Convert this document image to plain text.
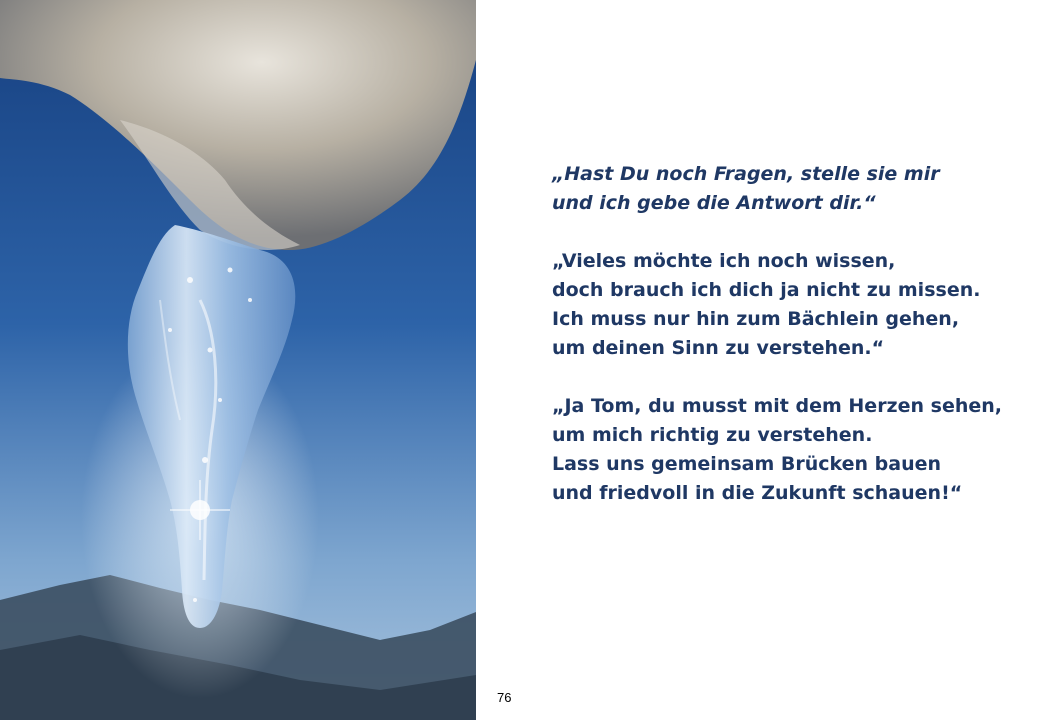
„Hast Du noch Fragen, stelle sie mir
und ich gebe die Antwort dir.“

„Vieles möchte ich noch wissen,
doch brauch ich dich ja nicht zu missen.
Ich muss nur hin zum Bächlein gehen,
um deinen Sinn zu verstehen.“

„Ja Tom, du musst mit dem Herzen sehen,
um mich richtig zu verstehen.
Lass uns gemeinsam Brücken bauen
und friedvoll in die Zukunft schauen!“

76
